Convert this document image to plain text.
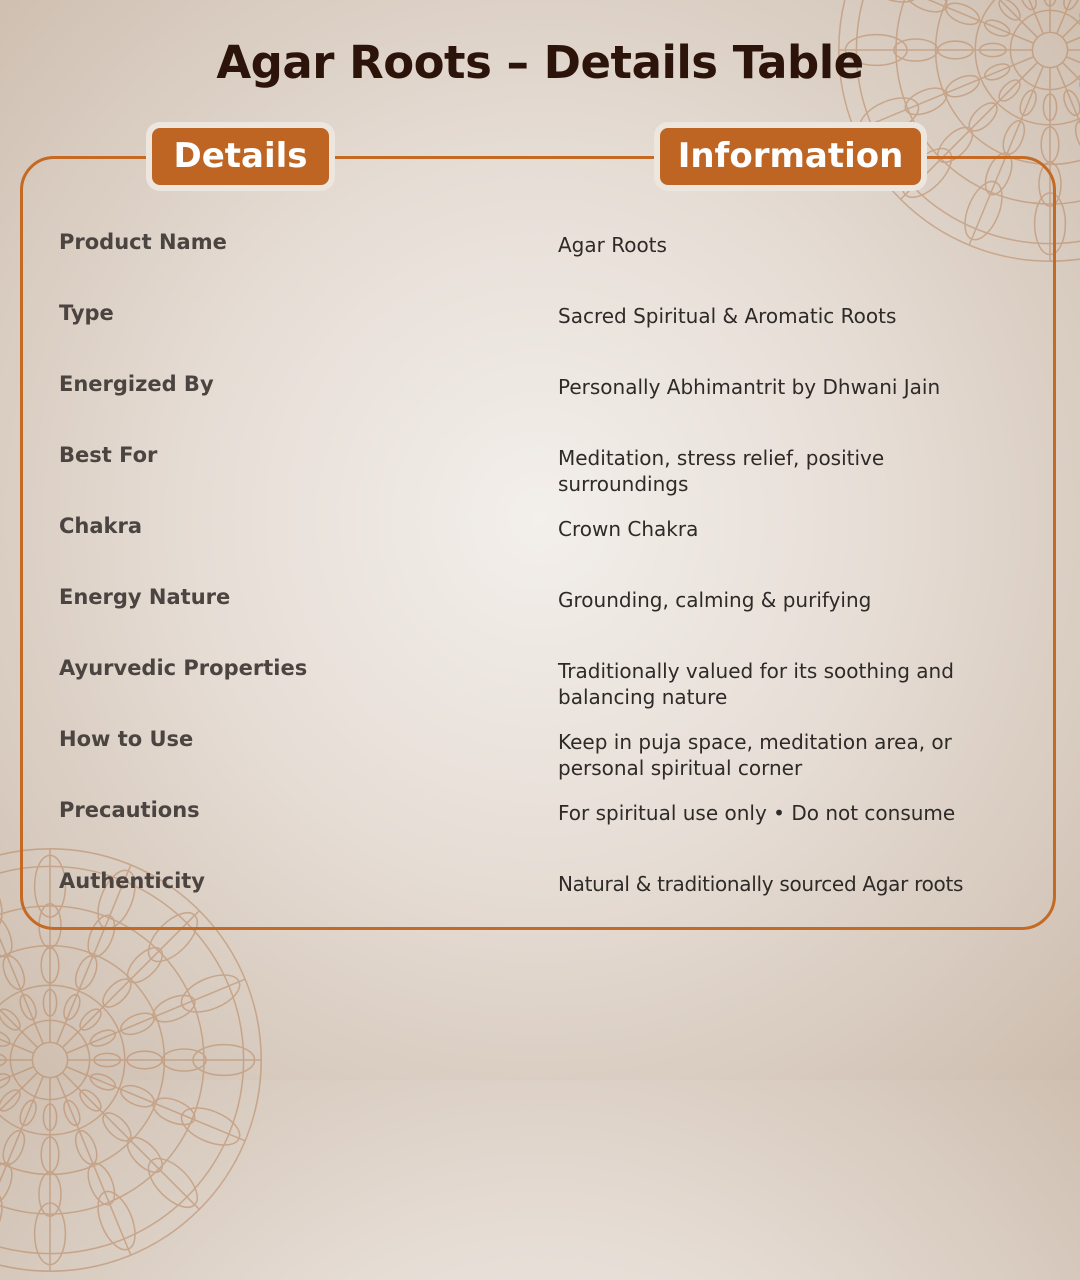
Agar Roots – Details Table
Details	Information
Product Name	Agar Roots
Type	Sacred Spiritual & Aromatic Roots
Energized By	Personally Abhimantrit by Dhwani Jain
Best For	Meditation, stress relief, positive surroundings
Chakra	Crown Chakra
Energy Nature	Grounding, calming & purifying
Ayurvedic Properties	Traditionally valued for its soothing and balancing nature
How to Use	Keep in puja space, meditation area, or personal spiritual corner
Precautions	For spiritual use only • Do not consume
Authenticity	Natural & traditionally sourced Agar roots
